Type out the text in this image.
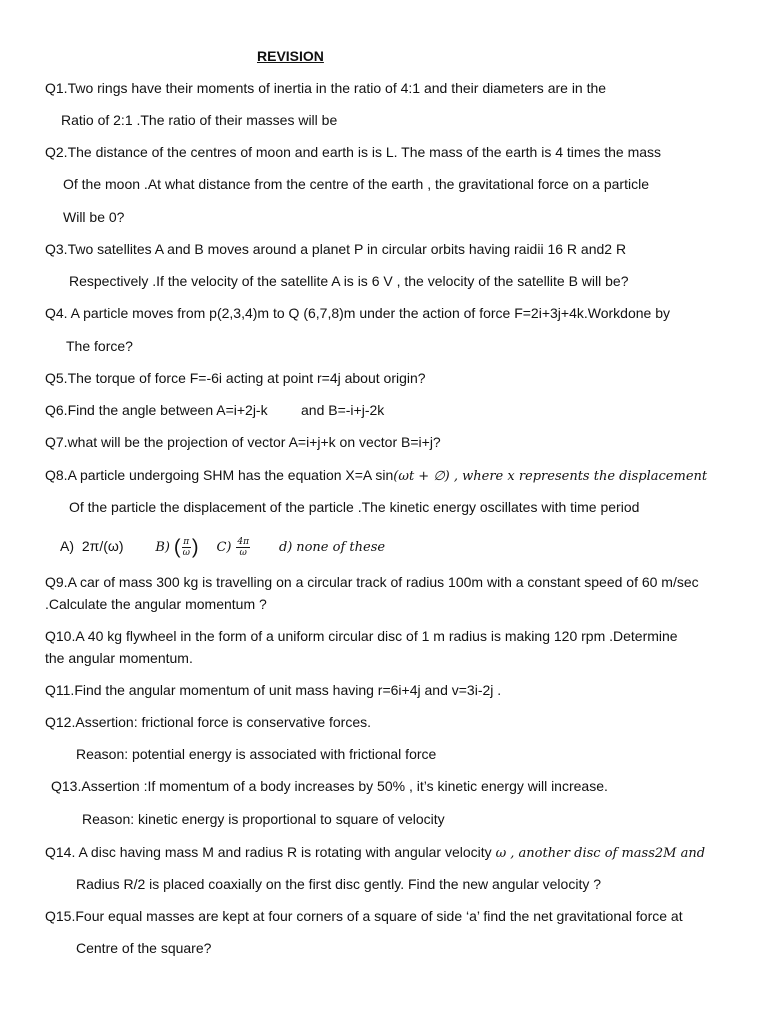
REVISION
Q1.Two rings have their moments of inertia in the ratio of 4:1 and their diameters are in the
Ratio of 2:1 .The ratio of their masses will be
Q2.The distance of the centres of moon and earth is is L. The mass of the earth is 4 times the mass
Of the moon .At what distance from the centre of the earth , the gravitational force on a particle
Will be 0?
Q3.Two satellites A and B moves around a planet P in circular orbits having raidii 16 R and2 R
Respectively .If the velocity of the satellite A is is 6 V , the velocity of the satellite B will be?
Q4. A particle moves from p(2,3,4)m to Q (6,7,8)m under the action of force F=2i+3j+4k.Workdone by
The force?
Q5.The torque of force F=-6i acting at point r=4j about origin?
Q6.Find the angle between A=i+2j-k and B=-i+j-2k
Q7.what will be the projection of vector A=i+j+k on vector B=i+j?
Q8.A particle undergoing SHM has the equation X=A sin(ωt + ∅) , where x represents the displacement
Of the particle the displacement of the particle .The kinetic energy oscillates with time period
A) 2π/(ω) B) ( $\frac{\pi}{\omega}$ ) $C) \frac{4\pi}{\omega} d$) none of these
Q9.A car of mass 300 kg is travelling on a circular track of radius 100m with a constant speed of 60 m/sec
.Calculate the angular momentum ?
Q10.A 40 kg flywheel in the form of a uniform circular disc of 1 m radius is making 120 rpm .Determine
the angular momentum.
Q11.Find the angular momentum of unit mass having r=6i+4j and v=3i-2j .
Q12.Assertion: frictional force is conservative forces.
Reason: potential energy is associated with frictional force
Q13.Assertion :If momentum of a body increases by 50% , it’s kinetic energy will increase.
Reason: kinetic energy is proportional to square of velocity
Q14. A disc having mass M and radius R is rotating with angular velocity ω , another disc of mass2M and
Radius R/2 is placed coaxially on the first disc gently. Find the new angular velocity ?
Q15.Four equal masses are kept at four corners of a square of side ‘a’ find the net gravitational force at
Centre of the square?
